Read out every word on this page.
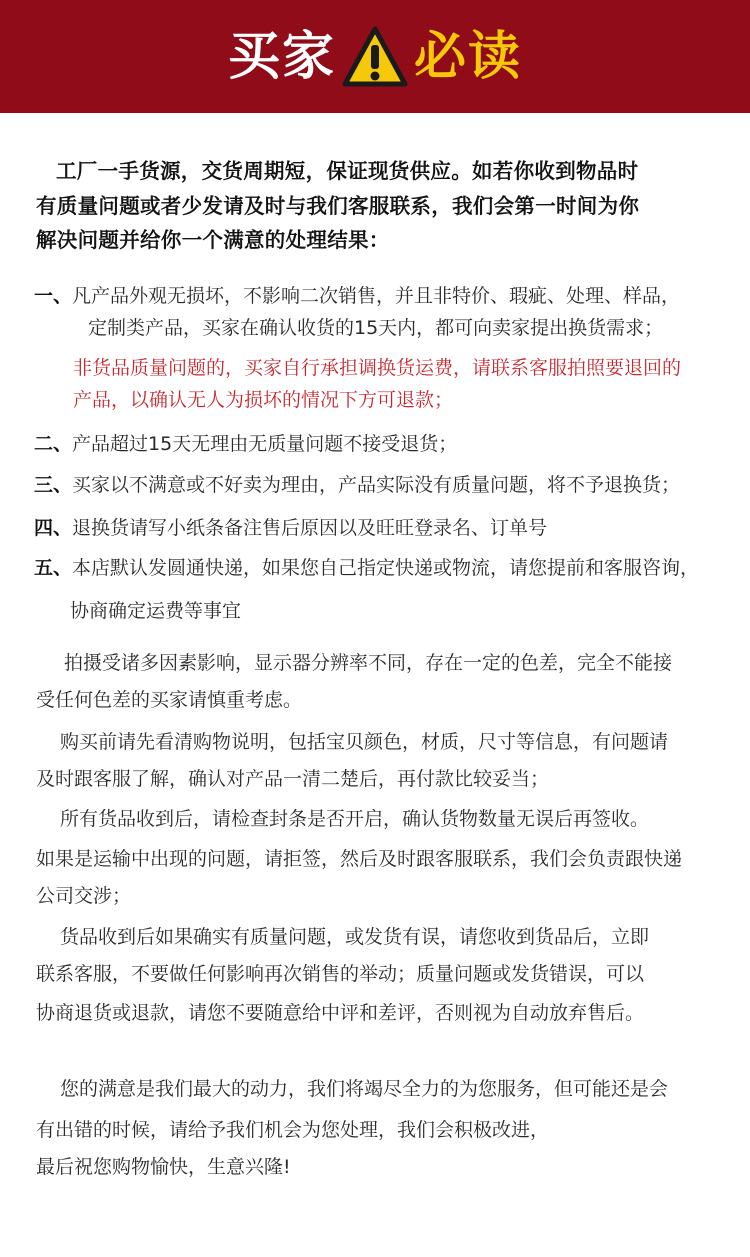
买家 必读
工厂一手货源，交货周期短，保证现货供应。如若你收到物品时
有质量问题或者少发请及时与我们客服联系，我们会第一时间为你
解决问题并给你一个满意的处理结果：
一、凡产品外观无损坏，不影响二次销售，并且非特价、瑕疵、处理、样品，
定制类产品，买家在确认收货的15天内，都可向卖家提出换货需求；
非货品质量问题的，买家自行承担调换货运费，请联系客服拍照要退回的
产品，以确认无人为损坏的情况下方可退款；
二、产品超过15天无理由无质量问题不接受退货；
三、买家以不满意或不好卖为理由，产品实际没有质量问题，将不予退换货；
四、退换货请写小纸条备注售后原因以及旺旺登录名、订单号
五、本店默认发圆通快递，如果您自己指定快递或物流，请您提前和客服咨询，
协商确定运费等事宜
拍摄受诸多因素影响，显示器分辨率不同，存在一定的色差，完全不能接
受任何色差的买家请慎重考虑。
购买前请先看清购物说明，包括宝贝颜色，材质，尺寸等信息，有问题请
及时跟客服了解，确认对产品一清二楚后，再付款比较妥当；
所有货品收到后，请检查封条是否开启，确认货物数量无误后再签收。
如果是运输中出现的问题，请拒签，然后及时跟客服联系，我们会负责跟快递
公司交涉；
货品收到后如果确实有质量问题，或发货有误，请您收到货品后，立即
联系客服，不要做任何影响再次销售的举动；质量问题或发货错误，可以
协商退货或退款，请您不要随意给中评和差评，否则视为自动放弃售后。
您的满意是我们最大的动力，我们将竭尽全力的为您服务，但可能还是会
有出错的时候，请给予我们机会为您处理，我们会积极改进，
最后祝您购物愉快，生意兴隆!
